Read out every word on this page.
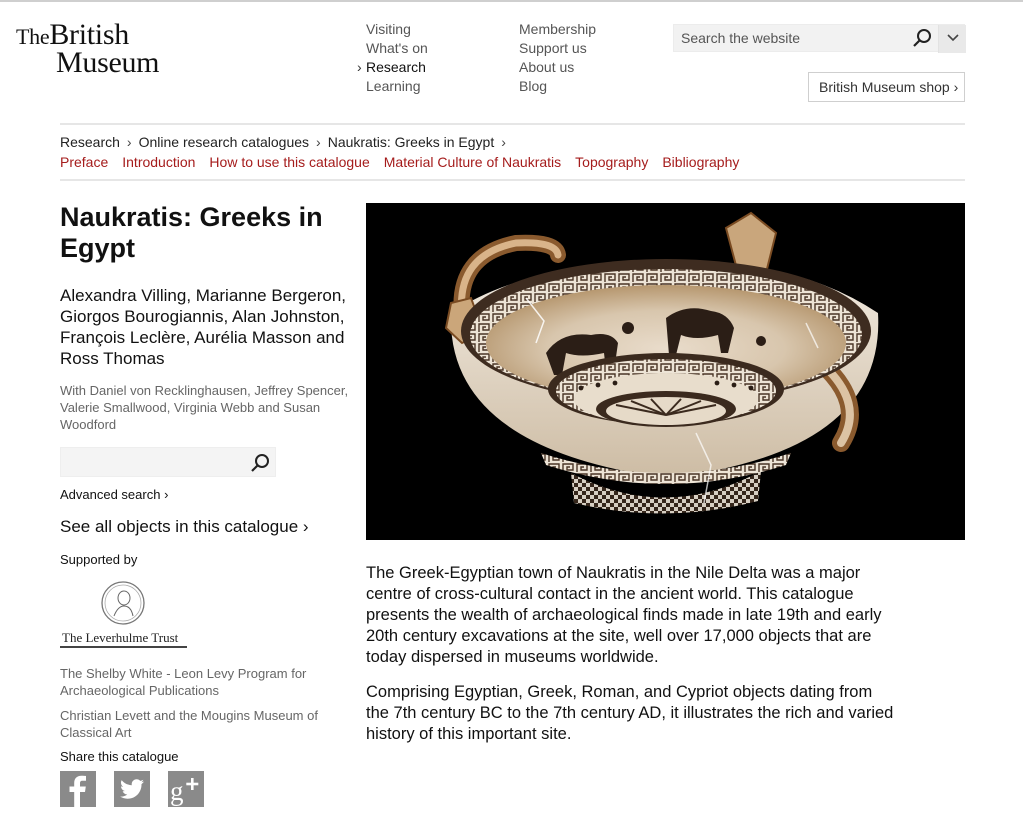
TheBritish
Museum
Visiting
What's on
› Research
Learning
Membership
Support us
About us
Blog
Search the website
British Museum shop ›
Research › Online research catalogues › Naukratis: Greeks in Egypt ›
Preface Introduction How to use this catalogue Material Culture of Naukratis Topography Bibliography
Naukratis: Greeks in Egypt

Alexandra Villing, Marianne Bergeron, Giorgos Bourogiannis, Alan Johnston, François Leclère, Aurélia Masson and Ross Thomas

With Daniel von Recklinghausen, Jeffrey Spencer, Valerie Smallwood, Virginia Webb and Susan Woodford

Advanced search ›
See all objects in this catalogue ›
Supported by
The Leverhulme Trust

The Shelby White - Leon Levy Program for Archaeological Publications

Christian Levett and the Mougins Museum of Classical Art

Share this catalogue
g

The Greek-Egyptian town of Naukratis in the Nile Delta was a major centre of cross-cultural contact in the ancient world. This catalogue presents the wealth of archaeological finds made in late 19th and early 20th century excavations at the site, well over 17,000 objects that are today dispersed in museums worldwide.

Comprising Egyptian, Greek, Roman, and Cypriot objects dating from the 7th century BC to the 7th century AD, it illustrates the rich and varied history of this important site.
